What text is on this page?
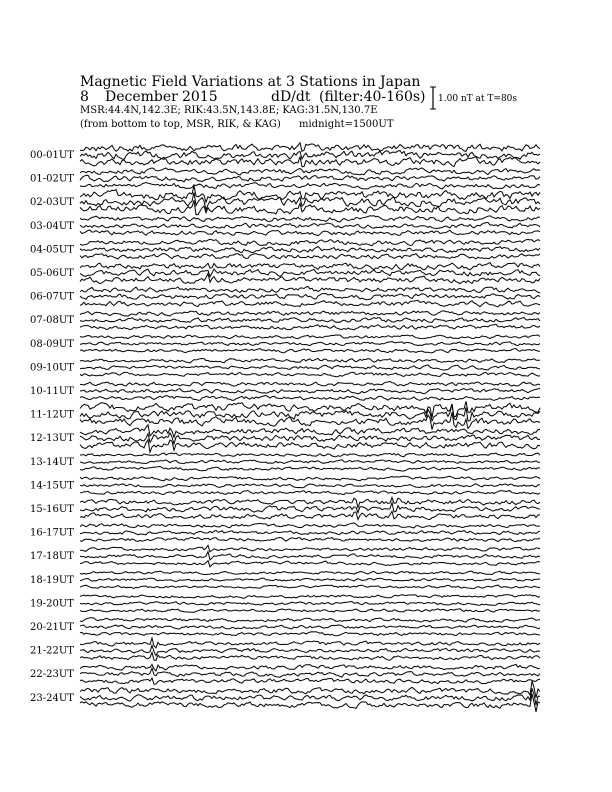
Magnetic Field Variations at 3 Stations in Japan
8 December 2015	dD/dt (filter:40-160s)
MSR:44.4N,142.3E; RIK:43.5N,143.8E; KAG:31.5N,130.7E
(from bottom to top, MSR, RIK, & KAG) midnight=1500UT
1.00 nT at T=80s
00-01UT
01-02UT
02-03UT
03-04UT
04-05UT
05-06UT
06-07UT
07-08UT
08-09UT
09-10UT
10-11UT
11-12UT
12-13UT
13-14UT
14-15UT
15-16UT
16-17UT
17-18UT
18-19UT
19-20UT
20-21UT
21-22UT
22-23UT
23-24UT
